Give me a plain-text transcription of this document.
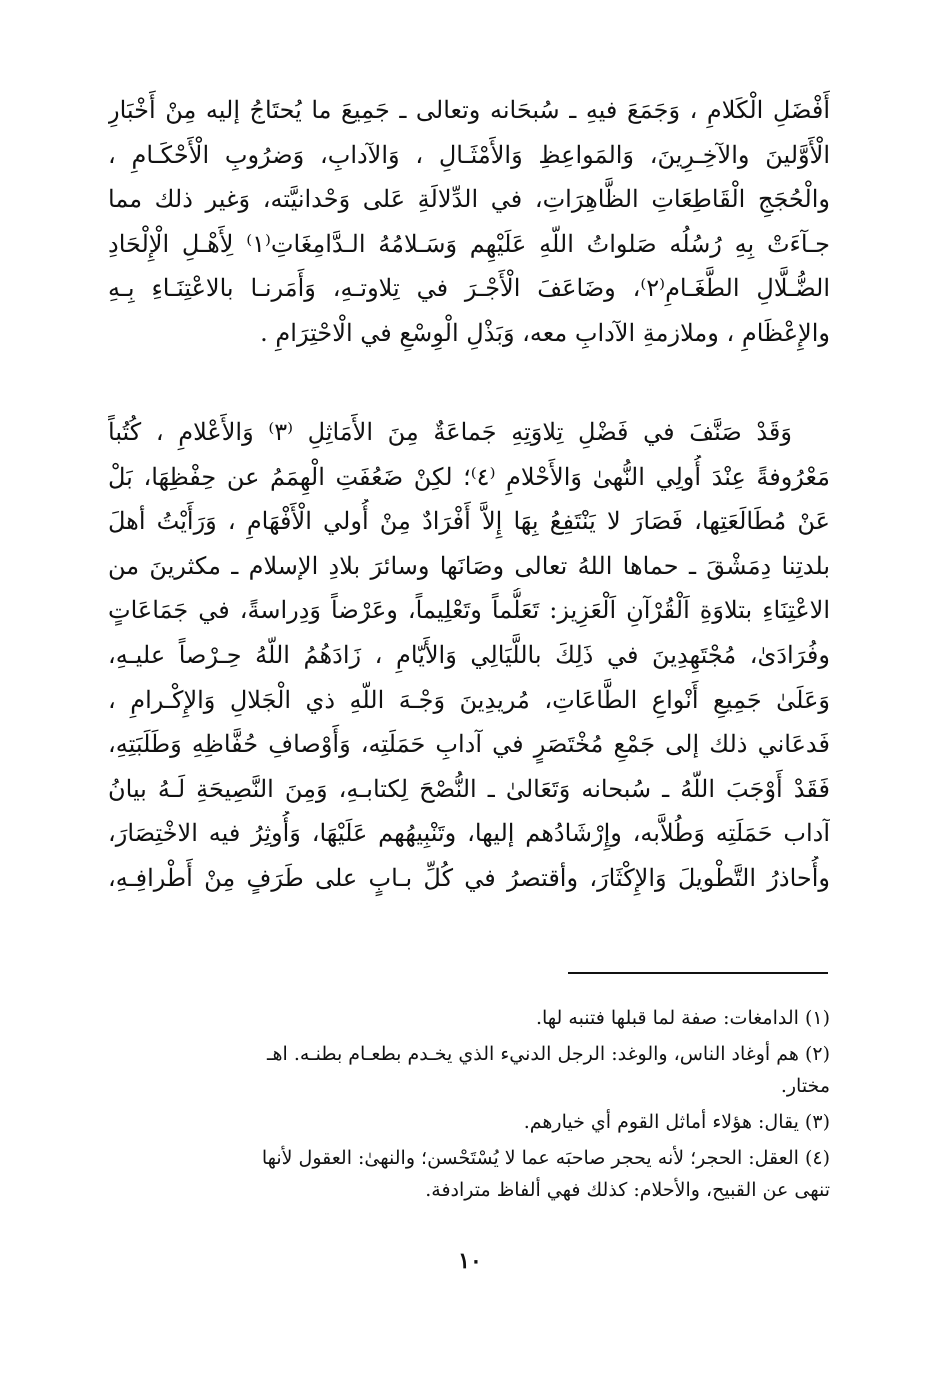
أَفْضَلِ الْكَلامِ ، وَجَمَعَ فيهِ ـ سُبحَانه وتعالى ـ جَمِيعَ ما يُحتَاجُ إليه مِنْ أَخْبَارِ
الْأَوَّلينَ والآخِـرِينَ، وَالمَواعِظِ وَالأَمْثَـالِ ، وَالآدابِ، وَضرُوبِ الْأَحْكَـامِ ،
والْحُجَجِ الْقَاطِعَاتِ الظَّاهِرَاتِ، في الدِّلالَةِ عَلى وَحْدانيَّته، وَغير ذلك مما
جـآءَتْ بِهِ رُسُلُه صَلواتُ اللّهِ عَلَيْهِم وَسَـلامُهُ الـدَّامِغَاتِ⁽١⁾ لِأَهْـلِ الْإِلْحَادِ
الضُّـلَّالِ الطَّغَـامِ⁽٢⁾، وضَاعَفَ الْأَجْـرَ في تِلاوتـهِ، وَأَمَرنـا بالاعْتِنَـاءِ بِـهِ
والإِعْظَامِ ، وملازمةِ الآدابِ معه، وَبَذْلِ الْوِسْعِ في الْاحْتِرَامِ .
وَقَدْ صَنَّفَ في فَضْلِ تِلاوَتِهِ جَماعَةٌ مِنَ الأَمَاثِلِ ⁽٣⁾ وَالأَعْلامِ ، كُتُباً
مَعْرُوفةً عِنْدَ أُولِي النُّهىٰ وَالأَحْلامِ ⁽٤⁾؛ لكِنْ ضَعُفَتِ الْهِمَمُ عن حِفْظِهَا، بَلْ
عَنْ مُطَالَعَتِها، فَصَارَ لا يَنْتَفِعُ بِهَا إِلاَّ أَفْرَادٌ مِنْ أُولي الْأَفْهَامِ ، وَرَأَيْتُ أهلَ
بلدتِنا دِمَشْقَ ـ حماها اللهُ تعالى وصَانَها وسائرَ بلادِ الإسلام ـ مكثرينَ من
الاعْتِنَاءِ بتلاوَةِ اَلْقُرْآنِ اَلْعَزِيز: تَعَلُّماً وتَعْلِيماً، وعَرْضاً وَدِراسةً، في جَمَاعَاتٍ
وفُرَادَىٰ، مُجْتَهِدِينَ في ذَلِكَ باللَّيَالِي وَالأَيّامِ ، زَادَهُمُ اللّهُ حِـرْصاً عليـهِ،
وَعَلَىٰ جَمِيعِ أَنْواعِ الطَّاعَاتِ، مُريدِينَ وَجْـهَ اللّهِ ذي الْجَلالِ وَالإِكْـرامِ ،
فَدعَاني ذلك إلى جَمْعِ مُخْتَصَرٍ في آدابِ حَمَلَتِه، وَأَوْصافِ حُفَّاظِهِ وَطَلَبَتِهِ،
فَقَدْ أَوْجَبَ اللّهُ ـ سُبحانه وَتَعَالىٰ ـ النُّصْحَ لِكتابـهِ، وَمِنَ النَّصِيحَةِ لَـهُ بيانُ
آداب حَمَلَتِه وَطُلاَّبه، وإِرْشَادُهم إليها، وتَنْبِيهُهم عَلَيْهَا، وَأُوثِرُ فيه الاخْتِصَارَ،
وأُحاذرُ التَّطْويلَ وَالإِكْثَارَ، وأقتصرُ في كُلِّ بـابٍ على طَرَفٍ مِنْ أَطْرافِـهِ،
(١) الدامغات: صفة لما قبلها فتنبه لها.
(٢) هم أوغاد الناس، والوغد: الرجل الدنيء الذي يخـدم بطعـام بطنـه. اهـ
مختار.
(٣) يقال: هؤلاء أماثل القوم أي خيارهم.
(٤) العقل: الحجر؛ لأنه يحجر صاحبَه عما لا يُسْتَحْسن؛ والنهىٰ: العقول لأنها
تنهى عن القبيح، والأحلام: كذلك فهي ألفاظ مترادفة.
١٠
